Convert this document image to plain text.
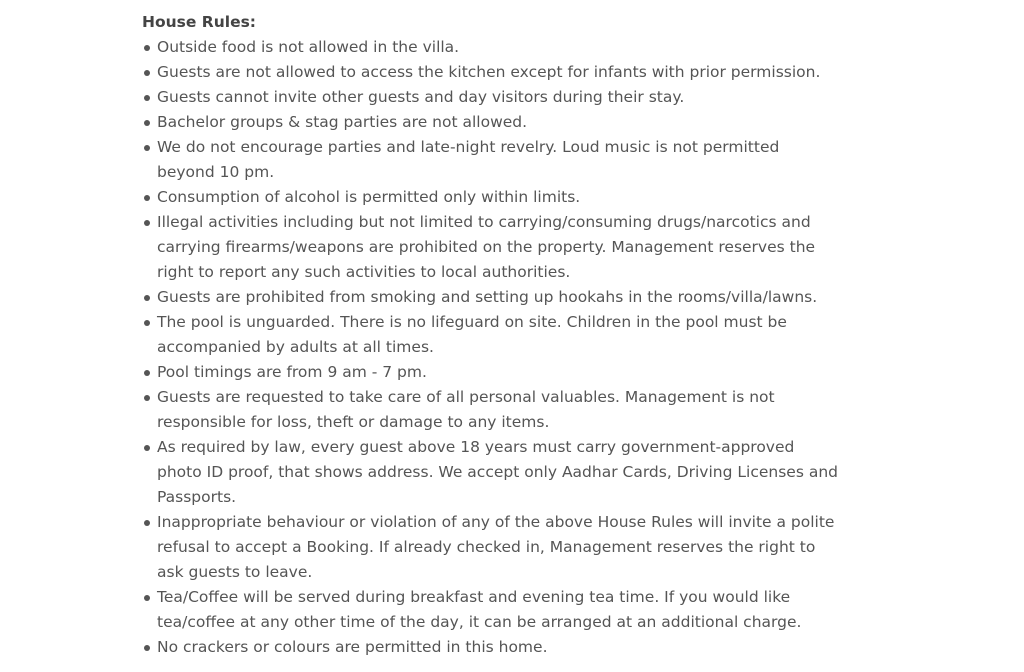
House Rules:
Outside food is not allowed in the villa.
Guests are not allowed to access the kitchen except for infants with prior permission.
Guests cannot invite other guests and day visitors during their stay.
Bachelor groups & stag parties are not allowed.
We do not encourage parties and late-night revelry. Loud music is not permitted
beyond 10 pm.
Consumption of alcohol is permitted only within limits.
Illegal activities including but not limited to carrying/consuming drugs/narcotics and
carrying firearms/weapons are prohibited on the property. Management reserves the
right to report any such activities to local authorities.
Guests are prohibited from smoking and setting up hookahs in the rooms/villa/lawns.
The pool is unguarded. There is no lifeguard on site. Children in the pool must be
accompanied by adults at all times.
Pool timings are from 9 am - 7 pm.
Guests are requested to take care of all personal valuables. Management is not
responsible for loss, theft or damage to any items.
As required by law, every guest above 18 years must carry government-approved
photo ID proof, that shows address. We accept only Aadhar Cards, Driving Licenses and
Passports.
Inappropriate behaviour or violation of any of the above House Rules will invite a polite
refusal to accept a Booking. If already checked in, Management reserves the right to
ask guests to leave.
Tea/Coffee will be served during breakfast and evening tea time. If you would like
tea/coffee at any other time of the day, it can be arranged at an additional charge.
No crackers or colours are permitted in this home.
